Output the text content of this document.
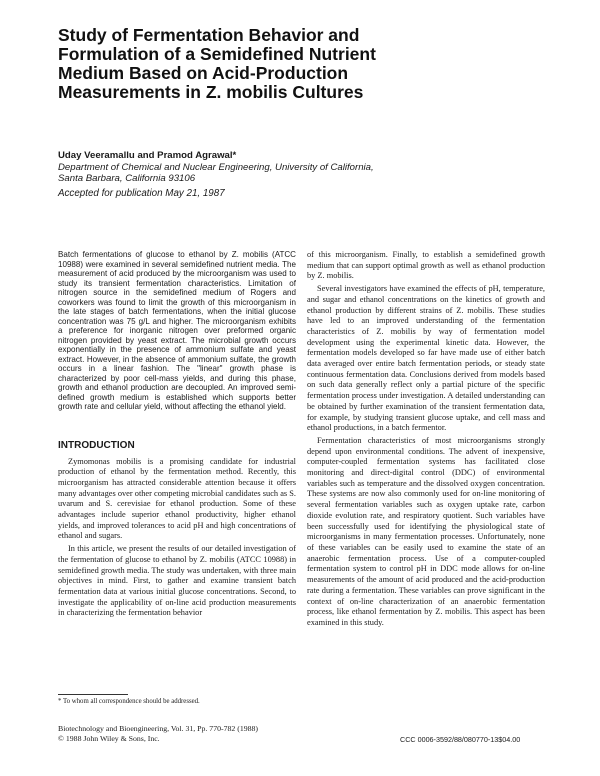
Study of Fermentation Behavior and
Formulation of a Semidefined Nutrient
Medium Based on Acid-Production
Measurements in Z. mobilis Cultures
Uday Veeramallu and Pramod Agrawal*
Department of Chemical and Nuclear Engineering, University of California,
Santa Barbara, California 93106
Accepted for publication May 21, 1987

Batch fermentations of glucose to ethanol by Z. mobilis (ATCC 10988) were examined in several semidefined nutrient media. The measurement of acid produced by the microorganism was used to study its transient fermentation characteristics. Limitation of nitrogen source in the semidefined medium of Rogers and coworkers was found to limit the growth of this microorganism in the late stages of batch fermentations, when the initial glucose concentration was 75 g/L and higher. The microorganism exhibits a preference for inorganic nitrogen over preformed organic nitrogen provided by yeast extract. The microbial growth occurs exponentially in the presence of ammonium sulfate and yeast extract. However, in the absence of ammonium sulfate, the growth occurs in a linear fashion. The "linear" growth phase is characterized by poor cell-mass yields, and during this phase, growth and ethanol production are decoupled. An improved semi-defined growth medium is established which supports better growth rate and cellular yield, without affecting the ethanol yield.

INTRODUCTION

Zymomonas mobilis is a promising candidate for industrial production of ethanol by the fermentation method. Recently, this microorganism has attracted considerable attention because it offers many advantages over other competing microbial candidates such as S. uvarum and S. cerevisiae for ethanol production. Some of these advantages include superior ethanol productivity, higher ethanol yields, and improved tolerances to acid pH and high concentrations of ethanol and sugars.

In this article, we present the results of our detailed investigation of the fermentation of glucose to ethanol by Z. mobilis (ATCC 10988) in semidefined growth media. The study was undertaken, with three main objectives in mind. First, to gather and examine transient batch fermentation data at various initial glucose concentrations. Second, to investigate the applicability of on-line acid production measurements in characterizing the fermentation behavior

of this microorganism. Finally, to establish a semidefined growth medium that can support optimal growth as well as ethanol production by Z. mobilis.

Several investigators have examined the effects of pH, temperature, and sugar and ethanol concentrations on the kinetics of growth and ethanol production by different strains of Z. mobilis. These studies have led to an improved understanding of the fermentation characteristics of Z. mobilis by way of fermentation model development using the experimental kinetic data. However, the fermentation models developed so far have made use of either batch data averaged over entire batch fermentation periods, or steady state continuous fermentation data. Conclusions derived from models based on such data generally reflect only a partial picture of the specific fermentation process under investigation. A detailed understanding can be obtained by further examination of the transient fermentation data, for example, by studying transient glucose uptake, and cell mass and ethanol productions, in a batch fermentor.

Fermentation characteristics of most microorganisms strongly depend upon environmental conditions. The advent of inexpensive, computer-coupled fermentation systems has facilitated close monitoring and direct-digital control (DDC) of environmental variables such as temperature and the dissolved oxygen concentration. These systems are now also commonly used for on-line monitoring of several fermentation variables such as oxygen uptake rate, carbon dioxide evolution rate, and respiratory quotient. Such variables have been successfully used for identifying the physiological state of microorganisms in many fermentation processes. Unfortunately, none of these variables can be easily used to examine the state of an anaerobic fermentation process. Use of a computer-coupled fermentation system to control pH in DDC mode allows for on-line measurements of the amount of acid produced and the acid-production rate during a fermentation. These variables can prove significant in the context of on-line characterization of an anaerobic fermentation process, like ethanol fermentation by Z. mobilis. This aspect has been examined in this study.

* To whom all correspondence should be addressed.
Biotechnology and Bioengineering, Vol. 31, Pp. 770-782 (1988)
© 1988 John Wiley & Sons, Inc.	CCC 0006-3592/88/080770-13$04.00
